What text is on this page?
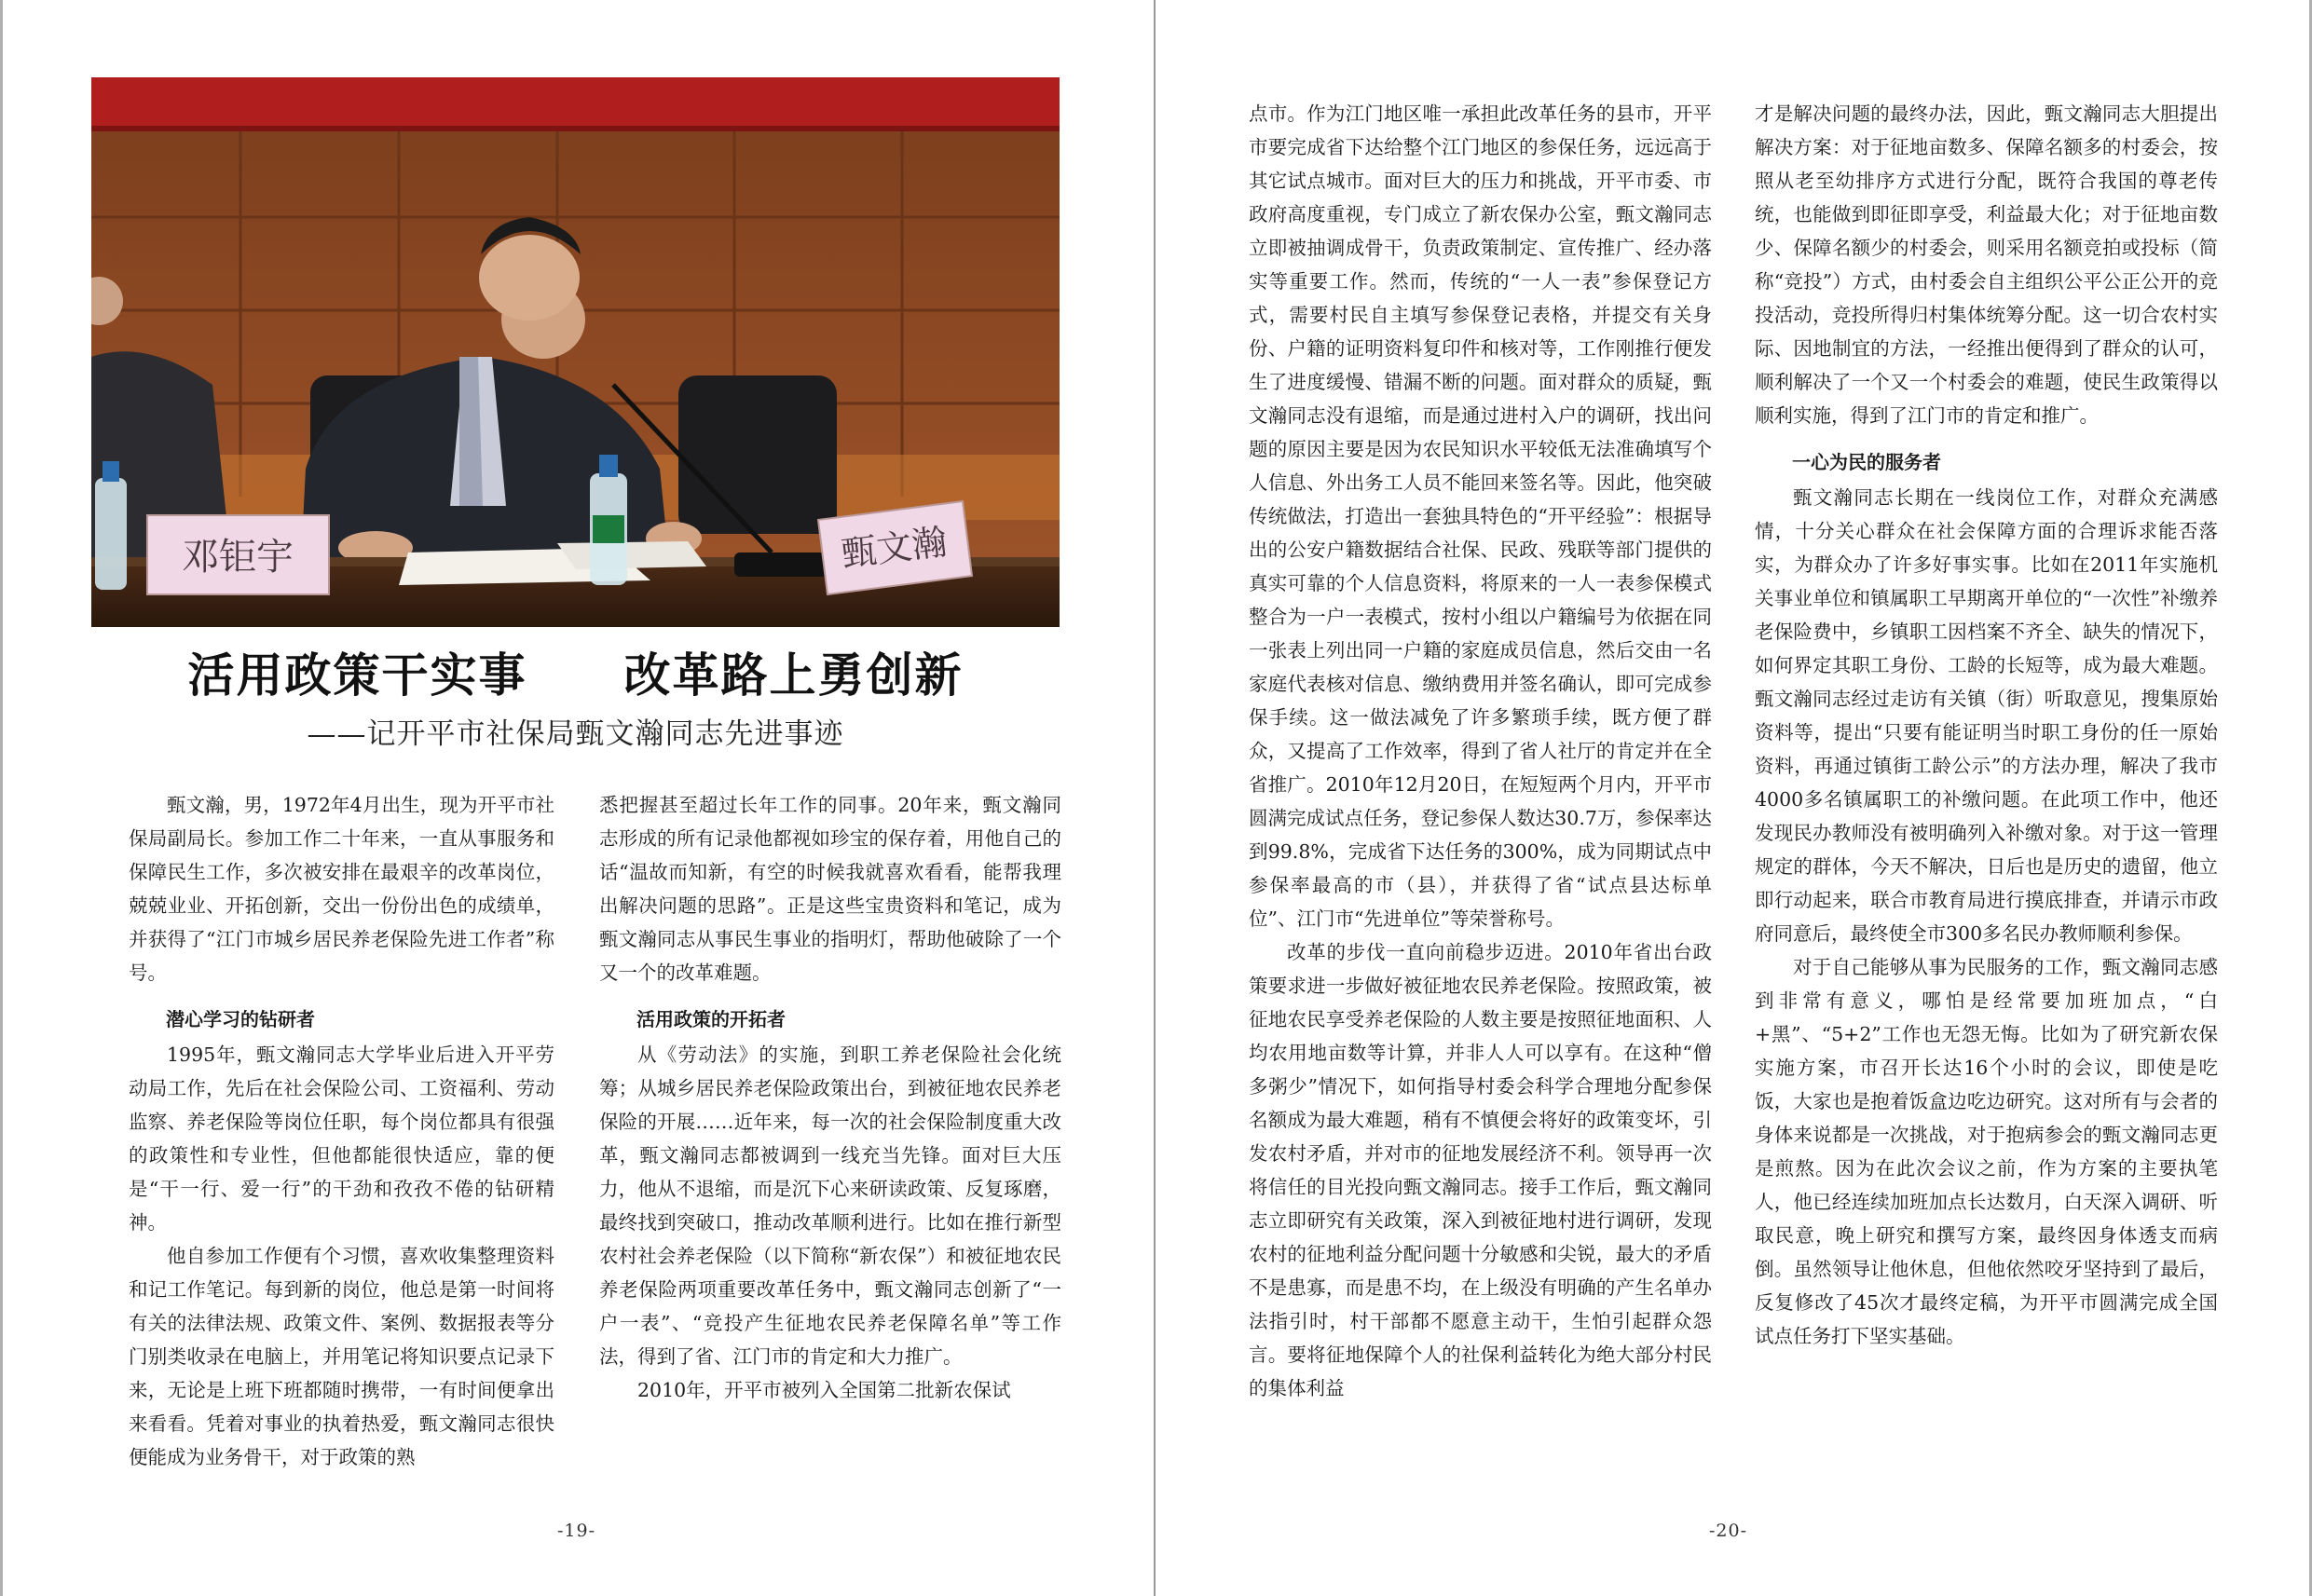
邓钜宇	甄文瀚
活用政策干实事　　改革路上勇创新
——记开平市社保局甄文瀚同志先进事迹

甄文瀚，男，1972年4月出生，现为开平市社保局副局长。参加工作二十年来，一直从事服务和保障民生工作，多次被安排在最艰辛的改革岗位，兢兢业业、开拓创新，交出一份份出色的成绩单，并获得了“江门市城乡居民养老保险先进工作者”称号。

潜心学习的钻研者

1995年，甄文瀚同志大学毕业后进入开平劳动局工作，先后在社会保险公司、工资福利、劳动监察、养老保险等岗位任职，每个岗位都具有很强的政策性和专业性，但他都能很快适应，靠的便是“干一行、爱一行”的干劲和孜孜不倦的钻研精神。

他自参加工作便有个习惯，喜欢收集整理资料和记工作笔记。每到新的岗位，他总是第一时间将有关的法律法规、政策文件、案例、数据报表等分门别类收录在电脑上，并用笔记将知识要点记录下来，无论是上班下班都随时携带，一有时间便拿出来看看。凭着对事业的执着热爱，甄文瀚同志很快便能成为业务骨干，对于政策的熟

悉把握甚至超过长年工作的同事。20年来，甄文瀚同志形成的所有记录他都视如珍宝的保存着，用他自己的话“温故而知新，有空的时候我就喜欢看看，能帮我理出解决问题的思路”。正是这些宝贵资料和笔记，成为甄文瀚同志从事民生事业的指明灯，帮助他破除了一个又一个的改革难题。

活用政策的开拓者

从《劳动法》的实施，到职工养老保险社会化统筹；从城乡居民养老保险政策出台，到被征地农民养老保险的开展……近年来，每一次的社会保险制度重大改革，甄文瀚同志都被调到一线充当先锋。面对巨大压力，他从不退缩，而是沉下心来研读政策、反复琢磨，最终找到突破口，推动改革顺利进行。比如在推行新型农村社会养老保险（以下简称“新农保”）和被征地农民养老保险两项重要改革任务中，甄文瀚同志创新了“一户一表”、“竞投产生征地农民养老保障名单”等工作法，得到了省、江门市的肯定和大力推广。

2010年，开平市被列入全国第二批新农保试

-19-	-20-

点市。作为江门地区唯一承担此改革任务的县市，开平市要完成省下达给整个江门地区的参保任务，远远高于其它试点城市。面对巨大的压力和挑战，开平市委、市政府高度重视，专门成立了新农保办公室，甄文瀚同志立即被抽调成骨干，负责政策制定、宣传推广、经办落实等重要工作。然而，传统的“一人一表”参保登记方式，需要村民自主填写参保登记表格，并提交有关身份、户籍的证明资料复印件和核对等，工作刚推行便发生了进度缓慢、错漏不断的问题。面对群众的质疑，甄文瀚同志没有退缩，而是通过进村入户的调研，找出问题的原因主要是因为农民知识水平较低无法准确填写个人信息、外出务工人员不能回来签名等。因此，他突破传统做法，打造出一套独具特色的“开平经验”：根据导出的公安户籍数据结合社保、民政、残联等部门提供的真实可靠的个人信息资料，将原来的一人一表参保模式整合为一户一表模式，按村小组以户籍编号为依据在同一张表上列出同一户籍的家庭成员信息，然后交由一名家庭代表核对信息、缴纳费用并签名确认，即可完成参保手续。这一做法减免了许多繁琐手续，既方便了群众，又提高了工作效率，得到了省人社厅的肯定并在全省推广。2010年12月20日，在短短两个月内，开平市圆满完成试点任务，登记参保人数达30.7万，参保率达到99.8%，完成省下达任务的300%，成为同期试点中参保率最高的市（县），并获得了省“试点县达标单位”、江门市“先进单位”等荣誉称号。

改革的步伐一直向前稳步迈进。2010年省出台政策要求进一步做好被征地农民养老保险。按照政策，被征地农民享受养老保险的人数主要是按照征地面积、人均农用地亩数等计算，并非人人可以享有。在这种“僧多粥少”情况下，如何指导村委会科学合理地分配参保名额成为最大难题，稍有不慎便会将好的政策变坏，引发农村矛盾，并对市的征地发展经济不利。领导再一次将信任的目光投向甄文瀚同志。接手工作后，甄文瀚同志立即研究有关政策，深入到被征地村进行调研，发现农村的征地利益分配问题十分敏感和尖锐，最大的矛盾不是患寡，而是患不均，在上级没有明确的产生名单办法指引时，村干部都不愿意主动干，生怕引起群众怨言。要将征地保障个人的社保利益转化为绝大部分村民的集体利益

才是解决问题的最终办法，因此，甄文瀚同志大胆提出解决方案：对于征地亩数多、保障名额多的村委会，按照从老至幼排序方式进行分配，既符合我国的尊老传统，也能做到即征即享受，利益最大化；对于征地亩数少、保障名额少的村委会，则采用名额竞拍或投标（简称“竞投”）方式，由村委会自主组织公平公正公开的竞投活动，竞投所得归村集体统筹分配。这一切合农村实际、因地制宜的方法，一经推出便得到了群众的认可，顺利解决了一个又一个村委会的难题，使民生政策得以顺利实施，得到了江门市的肯定和推广。

一心为民的服务者

甄文瀚同志长期在一线岗位工作，对群众充满感情，十分关心群众在社会保障方面的合理诉求能否落实，为群众办了许多好事实事。比如在2011年实施机关事业单位和镇属职工早期离开单位的“一次性”补缴养老保险费中，乡镇职工因档案不齐全、缺失的情况下，如何界定其职工身份、工龄的长短等，成为最大难题。甄文瀚同志经过走访有关镇（街）听取意见，搜集原始资料等，提出“只要有能证明当时职工身份的任一原始资料，再通过镇街工龄公示”的方法办理，解决了我市4000多名镇属职工的补缴问题。在此项工作中，他还发现民办教师没有被明确列入补缴对象。对于这一管理规定的群体，今天不解决，日后也是历史的遗留，他立即行动起来，联合市教育局进行摸底排查，并请示市政府同意后，最终使全市300多名民办教师顺利参保。

对于自己能够从事为民服务的工作，甄文瀚同志感到非常有意义，哪怕是经常要加班加点，“白+黑”、“5+2”工作也无怨无悔。比如为了研究新农保实施方案，市召开长达16个小时的会议，即使是吃饭，大家也是抱着饭盒边吃边研究。这对所有与会者的身体来说都是一次挑战，对于抱病参会的甄文瀚同志更是煎熬。因为在此次会议之前，作为方案的主要执笔人，他已经连续加班加点长达数月，白天深入调研、听取民意，晚上研究和撰写方案，最终因身体透支而病倒。虽然领导让他休息，但他依然咬牙坚持到了最后，反复修改了45次才最终定稿，为开平市圆满完成全国试点任务打下坚实基础。
